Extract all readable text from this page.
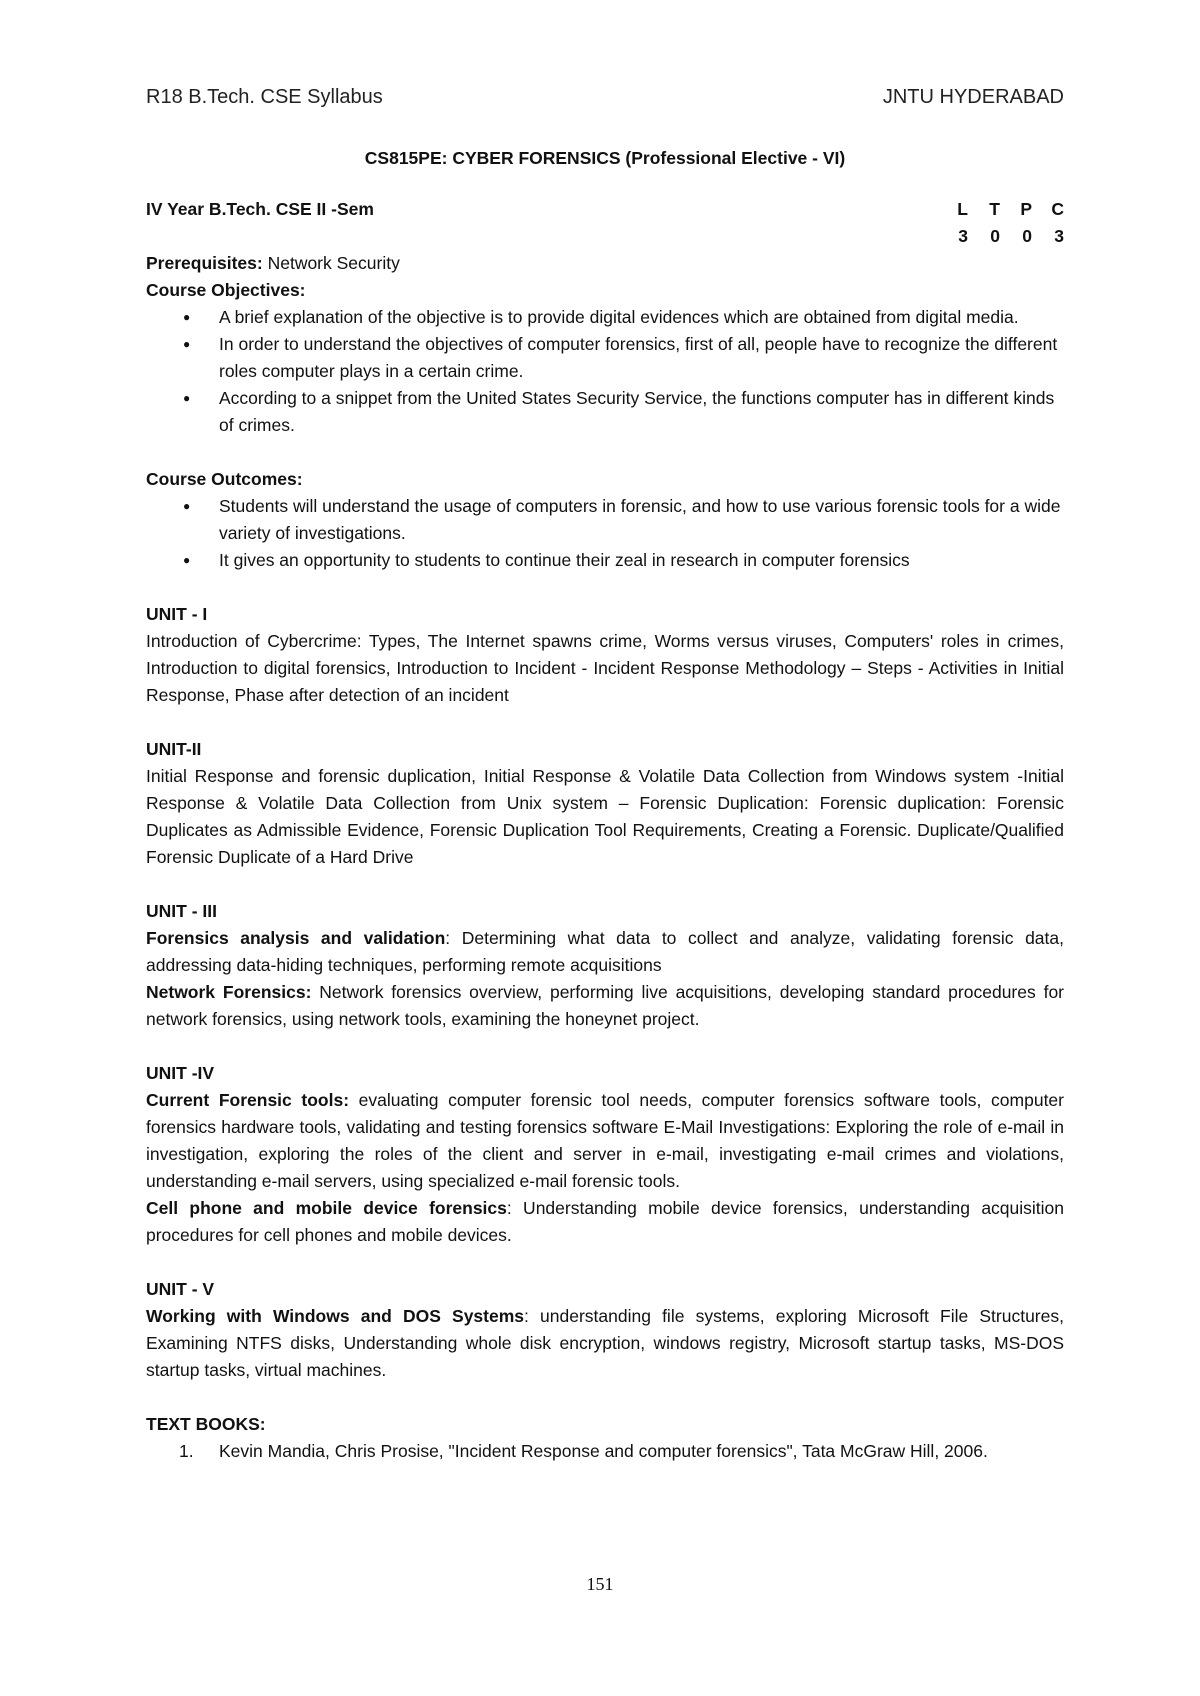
R18 B.Tech. CSE Syllabus	JNTU HYDERABAD
CS815PE: CYBER FORENSICS (Professional Elective - VI)
IV Year B.Tech. CSE II -Sem	L	T	P	C
3	0	0	3

Prerequisites: Network Security

Course Objectives:

● A brief explanation of the objective is to provide digital evidences which are obtained from digital media.
● In order to understand the objectives of computer forensics, first of all, people have to recognize the different roles computer plays in a certain crime.
● According to a snippet from the United States Security Service, the functions computer has in different kinds of crimes.

Course Outcomes:

● Students will understand the usage of computers in forensic, and how to use various forensic tools for a wide variety of investigations.
● It gives an opportunity to students to continue their zeal in research in computer forensics

UNIT - I

Introduction of Cybercrime: Types, The Internet spawns crime, Worms versus viruses, Computers' roles in crimes, Introduction to digital forensics, Introduction to Incident - Incident Response Methodology – Steps - Activities in Initial Response, Phase after detection of an incident

UNIT-II

Initial Response and forensic duplication, Initial Response & Volatile Data Collection from Windows system -Initial Response & Volatile Data Collection from Unix system – Forensic Duplication: Forensic duplication: Forensic Duplicates as Admissible Evidence, Forensic Duplication Tool Requirements, Creating a Forensic. Duplicate/Qualified Forensic Duplicate of a Hard Drive

UNIT - III

Forensics analysis and validation: Determining what data to collect and analyze, validating forensic data, addressing data-hiding techniques, performing remote acquisitions

Network Forensics: Network forensics overview, performing live acquisitions, developing standard procedures for network forensics, using network tools, examining the honeynet project.

UNIT -IV

Current Forensic tools: evaluating computer forensic tool needs, computer forensics software tools, computer forensics hardware tools, validating and testing forensics software E-Mail Investigations: Exploring the role of e-mail in investigation, exploring the roles of the client and server in e-mail, investigating e-mail crimes and violations, understanding e-mail servers, using specialized e-mail forensic tools.

Cell phone and mobile device forensics: Understanding mobile device forensics, understanding acquisition procedures for cell phones and mobile devices.

UNIT - V

Working with Windows and DOS Systems: understanding file systems, exploring Microsoft File Structures, Examining NTFS disks, Understanding whole disk encryption, windows registry, Microsoft startup tasks, MS-DOS startup tasks, virtual machines.

TEXT BOOKS:

1. Kevin Mandia, Chris Prosise, "Incident Response and computer forensics", Tata McGraw Hill, 2006.
151
